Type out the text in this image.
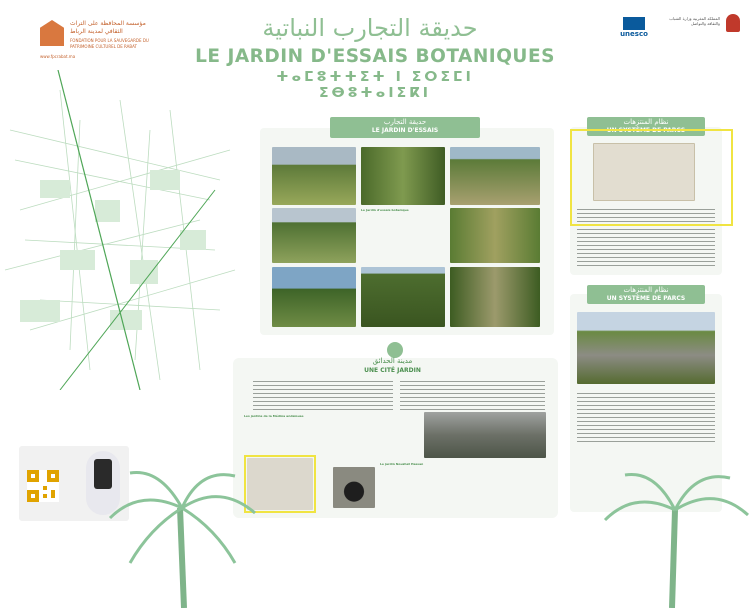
مؤسسة المحافظة على التراث الثقافي لمدينة الرباط
FONDATION POUR LA SAUVEGARDE DU PATRIMOINE CULTUREL DE RABAT
www.fpcrabat.ma
حديقة التجارب النباتية
LE JARDIN D'ESSAIS BOTANIQUES
ⵜⴰⵎⵓⵜⵜⵉⵜ ⵏ ⵉⵔⵉⵎⵏ ⵉⴱⵓⵜⴰⵏⵉⴽⵏ
unesco
المملكة المغربية وزارة الشباب والثقافة والتواصل
حديقة التجارب
LE JARDIN D'ESSAIS
Le Jardin d'essais botanique
نظام المنتزهات
UN SYSTÈME DE PARCS
نظام المنتزهات
UN SYSTÈME DE PARCS
مدينة الحدائق
UNE CITÉ JARDIN
Les jardins de la Médina andalouse
Le jardin Nouzhat Hassan
